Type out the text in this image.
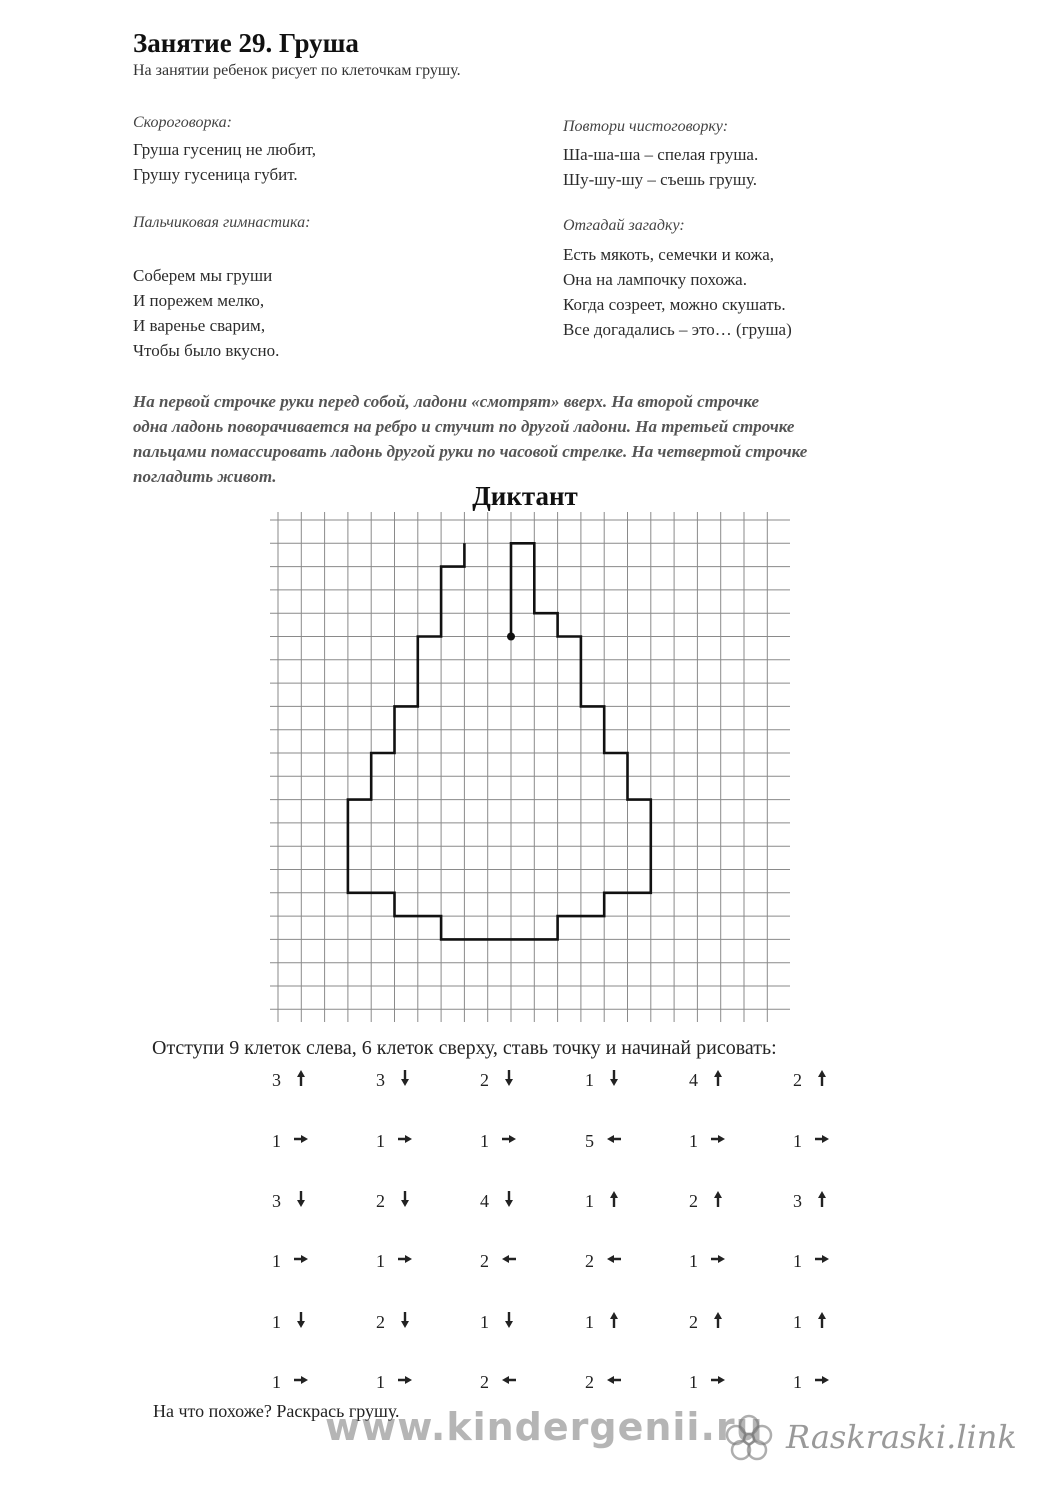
Занятие 29. Груша
На занятии ребенок рисует по клеточкам грушу.
Скороговорка:
Груша гусениц не любит,
Грушу гусеница губит.
Пальчиковая гимнастика:
Соберем мы груши
И порежем мелко,
И варенье сварим,
Чтобы было вкусно.
Повтори чистоговорку:
Ша-ша-ша – спелая груша.
Шу-шу-шу – съешь грушу.
Отгадай загадку:
Есть мякоть, семечки и кожа,
Она на лампочку похожа.
Когда созреет, можно скушать.
Все догадались – это… (груша)
На первой строчке руки перед собой, ладони «смотрят» вверх. На второй строчке
одна ладонь поворачивается на ребро и стучит по другой ладони. На третьей строчке
пальцами помассировать ладонь другой руки по часовой стрелке. На четвертой строчке
погладить живот.
Диктант
Отступи 9 клеток слева, 6 клеток сверху, ставь точку и начинай рисовать:
3
1
3
1
1
1
3
1
2
1
2
1
2
1
4
2
1
2
1
5
1
2
1
2
4
1
2
1
2
1
2
1
3
1
1
1
На что похоже? Раскрась грушу.
www.kindergenii.ru Raskraski.link
